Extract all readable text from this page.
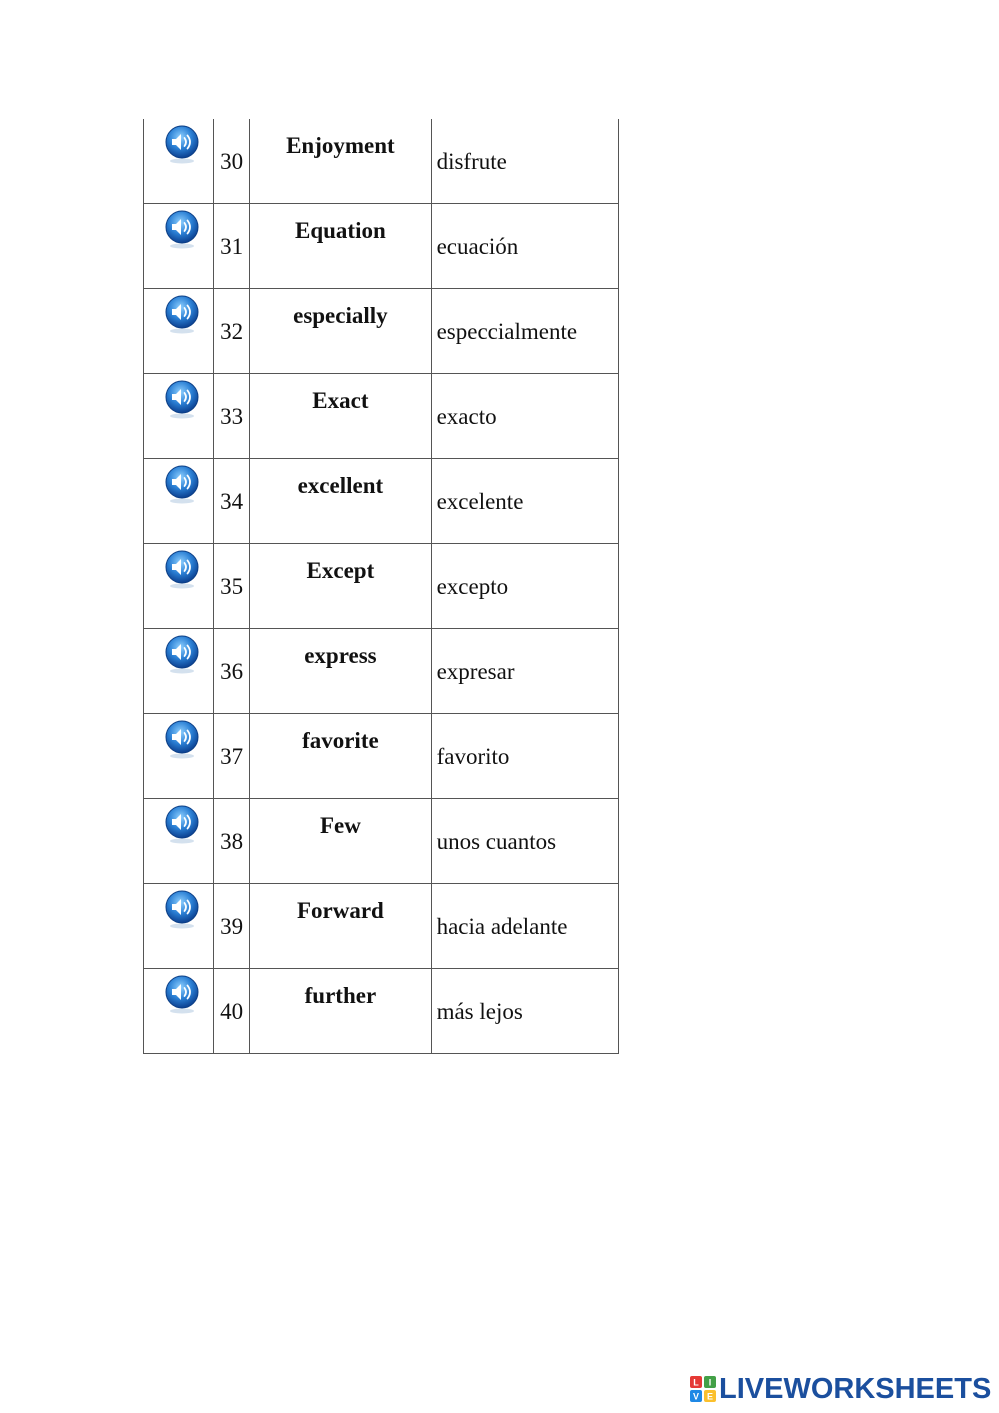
30	Enjoyment	disfrute

31	Equation	ecuación

32	especially	especcialmente

33	Exact	exacto

34	excellent	excelente

35	Except	excepto

36	express	expresar

37	favorite	favorito

38	Few	unos cuantos

39	Forward	hacia adelante

40	further	más lejos
L I
V E LIVEWORKSHEETS
